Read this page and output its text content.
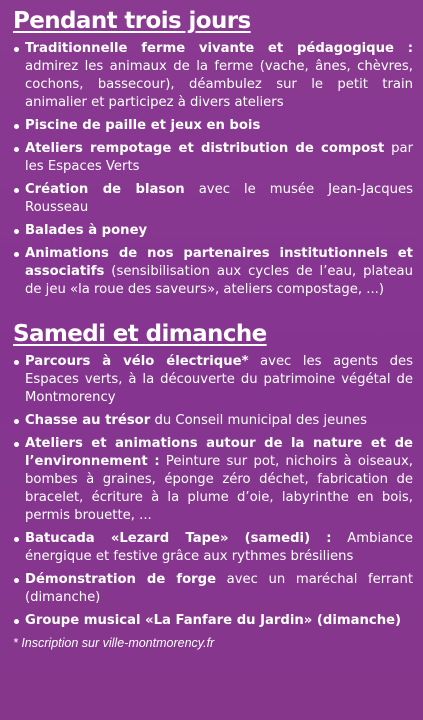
Pendant trois jours
Traditionnelle ferme vivante et pédagogique : admirez les animaux de la ferme (vache, ânes, chèvres, cochons, bassecour), déambulez sur le petit train animalier et participez à divers ateliers
Piscine de paille et jeux en bois
Ateliers rempotage et distribution de compost par les Espaces Verts
Création de blason avec le musée Jean-Jacques Rousseau
Balades à poney
Animations de nos partenaires institutionnels et associatifs (sensibilisation aux cycles de l’eau, plateau de jeu «la roue des saveurs», ateliers compostage, ...)
Samedi et dimanche
Parcours à vélo électrique* avec les agents des Espaces verts, à la découverte du patrimoine végétal de Montmorency
Chasse au trésor du Conseil municipal des jeunes
Ateliers et animations autour de la nature et de l’environnement : Peinture sur pot, nichoirs à oiseaux, bombes à graines, éponge zéro déchet, fabrication de bracelet, écriture à la plume d’oie, labyrinthe en bois, permis brouette, ...
Batucada «Lezard Tape» (samedi) : Ambiance énergique et festive grâce aux rythmes brésiliens
Démonstration de forge avec un maréchal ferrant (dimanche)
Groupe musical «La Fanfare du Jardin» (dimanche)
* Inscription sur ville-montmorency.fr
